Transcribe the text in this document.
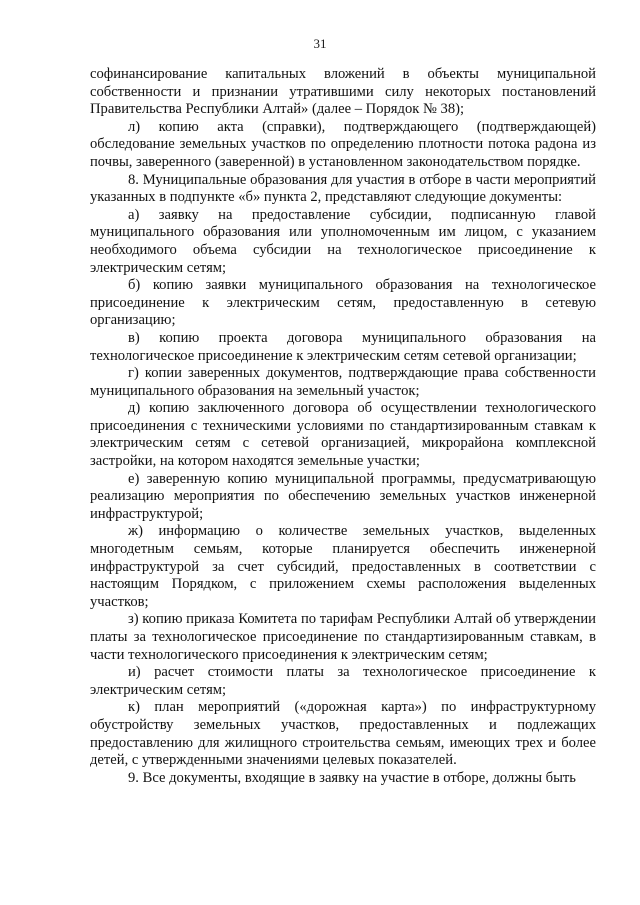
31

софинансирование капитальных вложений в объекты муниципальной собственности и признании утратившими силу некоторых постановлений Правительства Республики Алтай» (далее – Порядок № 38);

л) копию акта (справки), подтверждающего (подтверждающей) обследование земельных участков по определению плотности потока радона из почвы, заверенного (заверенной) в установленном законодательством порядке.

8. Муниципальные образования для участия в отборе в части мероприятий указанных в подпункте «б» пункта 2, представляют следующие документы:

а) заявку на предоставление субсидии, подписанную главой муниципального образования или уполномоченным им лицом, с указанием необходимого объема субсидии на технологическое присоединение к электрическим сетям;

б) копию заявки муниципального образования на технологическое присоединение к электрическим сетям, предоставленную в сетевую организацию;

в) копию проекта договора муниципального образования на технологическое присоединение к электрическим сетям сетевой организации;

г) копии заверенных документов, подтверждающие права собственности муниципального образования на земельный участок;

д) копию заключенного договора об осуществлении технологического присоединения с техническими условиями по стандартизированным ставкам к электрическим сетям с сетевой организацией, микрорайона комплексной застройки, на котором находятся земельные участки;

е) заверенную копию муниципальной программы, предусматривающую реализацию мероприятия по обеспечению земельных участков инженерной инфраструктурой;

ж) информацию о количестве земельных участков, выделенных многодетным семьям, которые планируется обеспечить инженерной инфраструктурой за счет субсидий, предоставленных в соответствии с настоящим Порядком, с приложением схемы расположения выделенных участков;

з) копию приказа Комитета по тарифам Республики Алтай об утверждении платы за технологическое присоединение по стандартизированным ставкам, в части технологического присоединения к электрическим сетям;

и) расчет стоимости платы за технологическое присоединение к электрическим сетям;

к) план мероприятий («дорожная карта») по инфраструктурному обустройству земельных участков, предоставленных и подлежащих предоставлению для жилищного строительства семьям, имеющих трех и более детей, с утвержденными значениями целевых показателей.

9. Все документы, входящие в заявку на участие в отборе, должны быть
